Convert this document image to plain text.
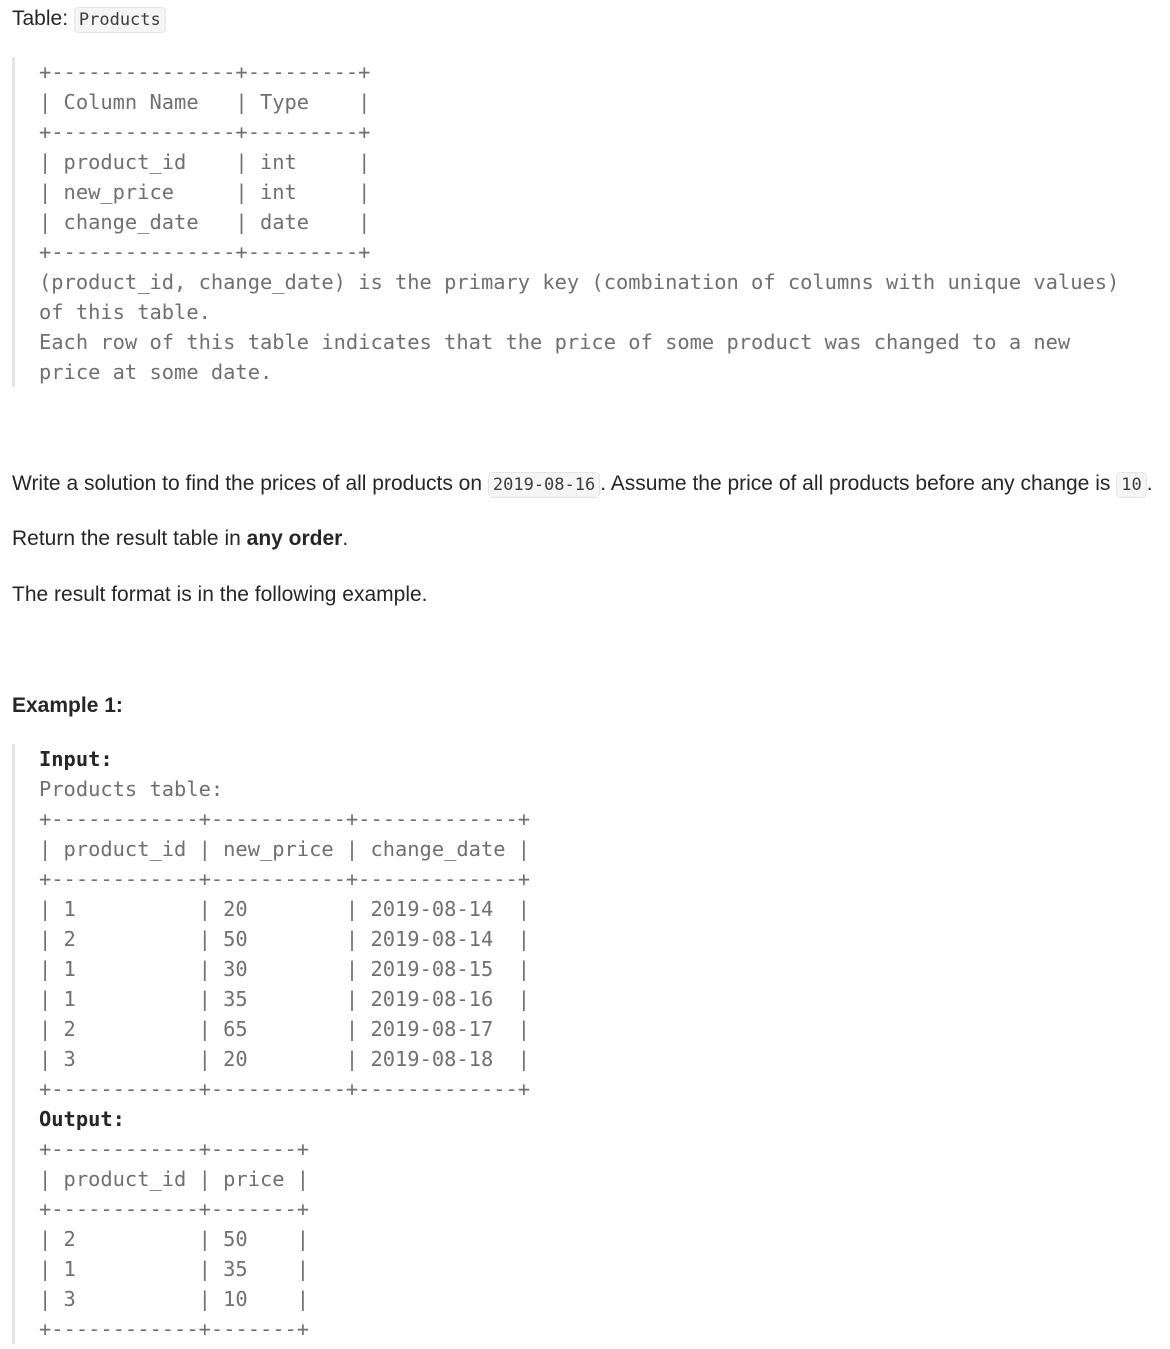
Table: Products

+---------------+---------+
| Column Name   | Type    |
+---------------+---------+
| product_id    | int     |
| new_price     | int     |
| change_date   | date    |
+---------------+---------+
(product_id, change_date) is the primary key (combination of columns with unique values)
of this table.
Each row of this table indicates that the price of some product was changed to a new
price at some date.

Write a solution to find the prices of all products on 2019-08-16 . Assume the price of all products before any change is 10 .

Return the result table in any order.

The result format is in the following example.

Example 1:
Input:
Products table:
+------------+-----------+-------------+
| product_id | new_price | change_date |
+------------+-----------+-------------+
| 1          | 20        | 2019-08-14  |
| 2          | 50        | 2019-08-14  |
| 1          | 30        | 2019-08-15  |
| 1          | 35        | 2019-08-16  |
| 2          | 65        | 2019-08-17  |
| 3          | 20        | 2019-08-18  |
+------------+-----------+-------------+
Output:
+------------+-------+
| product_id | price |
+------------+-------+
| 2          | 50    |
| 1          | 35    |
| 3          | 10    |
+------------+-------+
